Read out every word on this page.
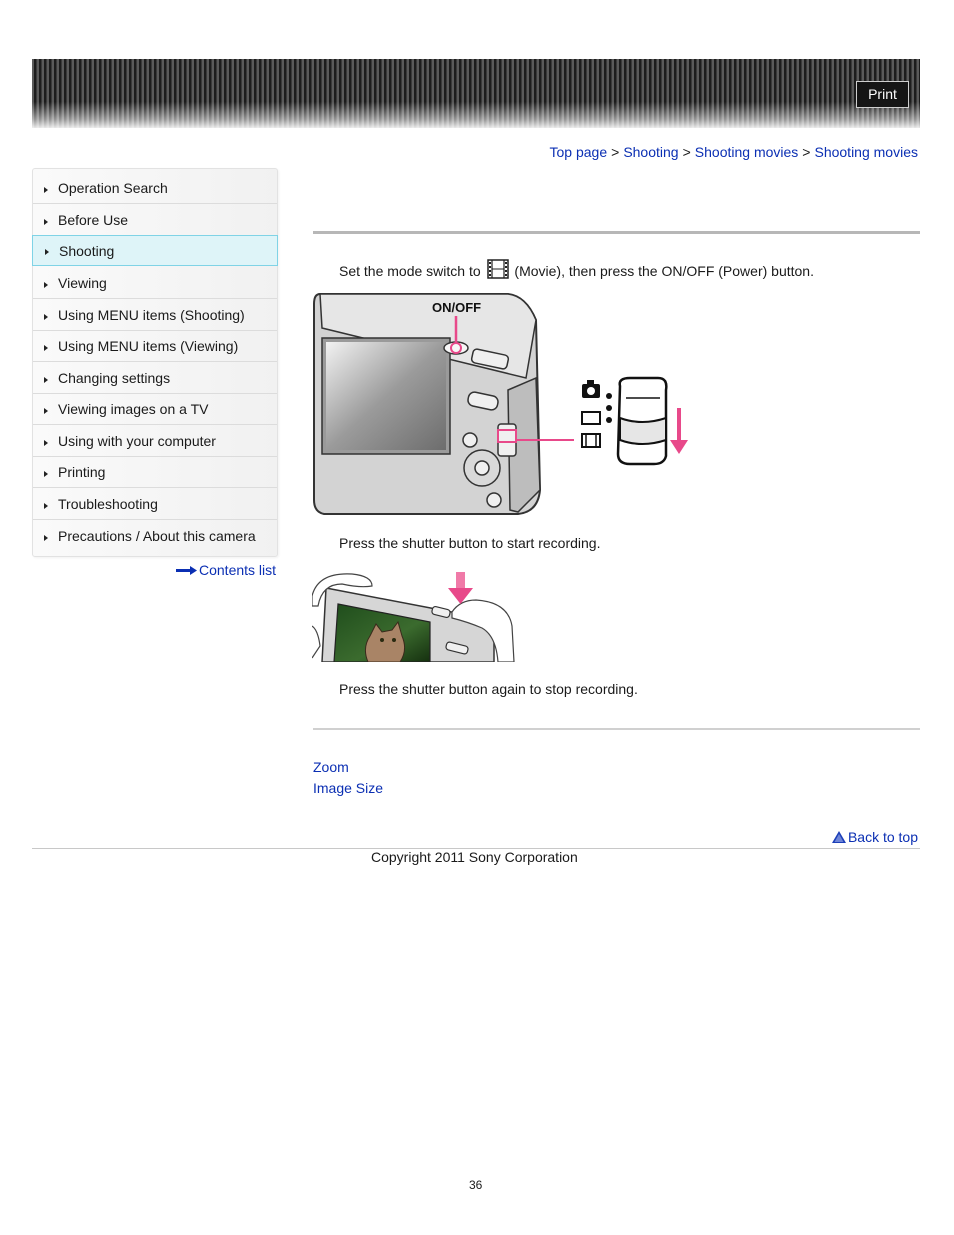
Print
Top page > Shooting > Shooting movies > Shooting movies
Operation Search
Before Use
Shooting
Viewing
Using MENU items (Shooting)
Using MENU items (Viewing)
Changing settings
Viewing images on a TV
Using with your computer
Printing
Troubleshooting
Precautions / About this camera
Contents list
Set the mode switch to (Movie), then press the ON/OFF (Power) button.
ON/OFF
Press the shutter button to start recording.
Press the shutter button again to stop recording.
Zoom
Image Size
Back to top
Copyright 2011 Sony Corporation
36
